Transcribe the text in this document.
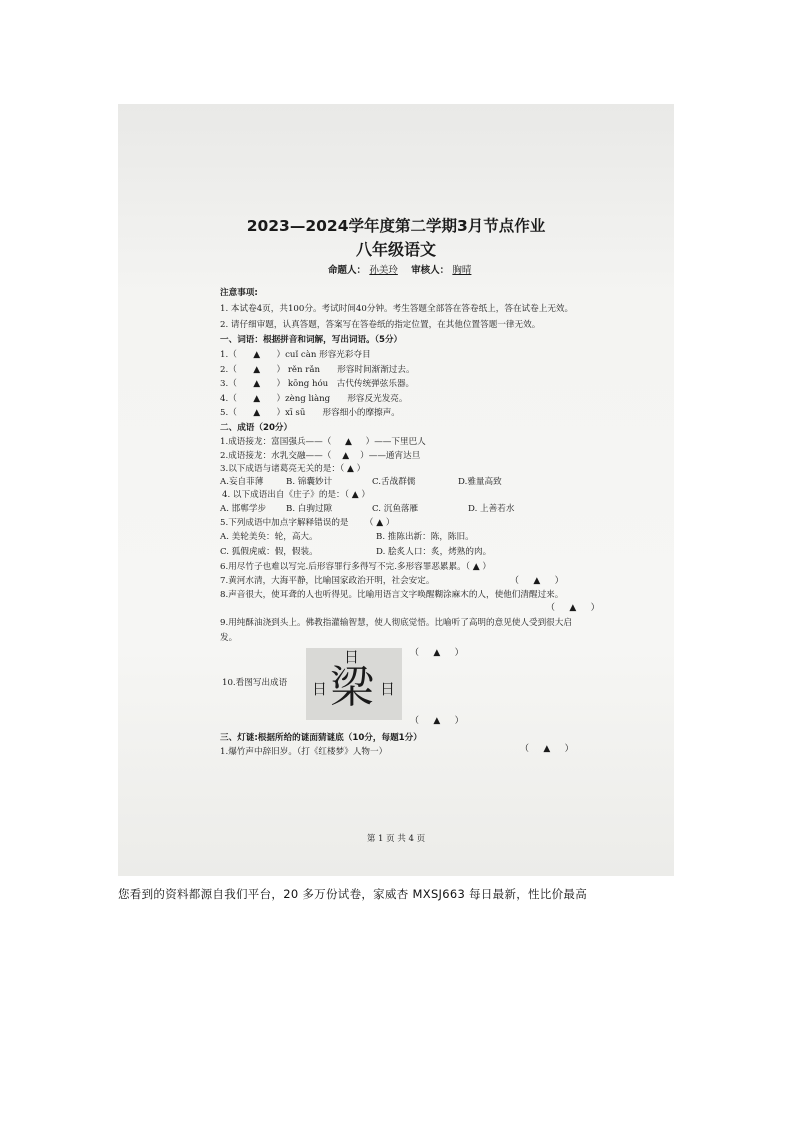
2023—2024学年度第二学期3月节点作业
八年级语文
命题人： 孙美玲 审核人： 胸晴
注意事项:
1. 本试卷4页，共100分。考试时间40分钟。考生答题全部答在答卷纸上，答在试卷上无效。
2. 请仔细审题，认真答题，答案写在答卷纸的指定位置，在其他位置答题一律无效。
一、词语：根据拼音和词解，写出词语。（5分）
1.（ ▲ ）cuǐ càn 形容光彩夺目
2.（ ▲ ） rěn rǎn　　形容时间渐渐过去。
3.（ ▲ ） kōng hóu　古代传统弹弦乐器。
4.（ ▲ ）zèng liàng　　形容反光发亮。
5.（ ▲ ）xī sū　　形容细小的摩擦声。
二、成语（20分）
1.成语接龙：富国强兵——（ ▲ ）——下里巴人
2.成语接龙：水乳交融——（ ▲ ）——通宵达旦
3.以下成语与诸葛亮无关的是：（ ▲ ）
A.妄自菲薄	B. 锦囊妙计	C.舌战群儒	D.雅量高致
4. 以下成语出自《庄子》的是：（ ▲ ）
A. 邯郸学步 B. 白驹过隙	C. 沉鱼落雁	D. 上善若水
5.下列成语中加点字解释错误的是 （ ▲ ）
A. 美轮美奂：轮，高大。	B. 推陈出新：陈，陈旧。
C. 狐假虎威：假，假装。	D. 脍炙人口：炙，烤熟的肉。
6.用尽竹子也难以写完.后形容罪行多得写不完.多形容罪恶累累。（ ▲ ）
7.黄河水清，大海平静，比喻国家政治开明，社会安定。	（ ▲ ）
8.声音很大，使耳聋的人也听得见。比喻用语言文字唤醒糊涂麻木的人，使他们清醒过来。
（ ▲ ）
9.用纯酥油浇到头上。佛教指灌输智慧，使人彻底觉悟。比喻听了高明的意见使人受到很大启
发。
（ ▲ ）
10.看图写出成语
日
日 梁 日
（ ▲ ）
三、灯谜:根据所给的谜面猜谜底（10分，每题1分）
1.爆竹声中辞旧岁。（打《红楼梦》人物一）	（ ▲ ）
第 1 页 共 4 页
您看到的资料都源自我们平台，20 多万份试卷，家威杏 MXSJ663 每日最新，性比价最高
